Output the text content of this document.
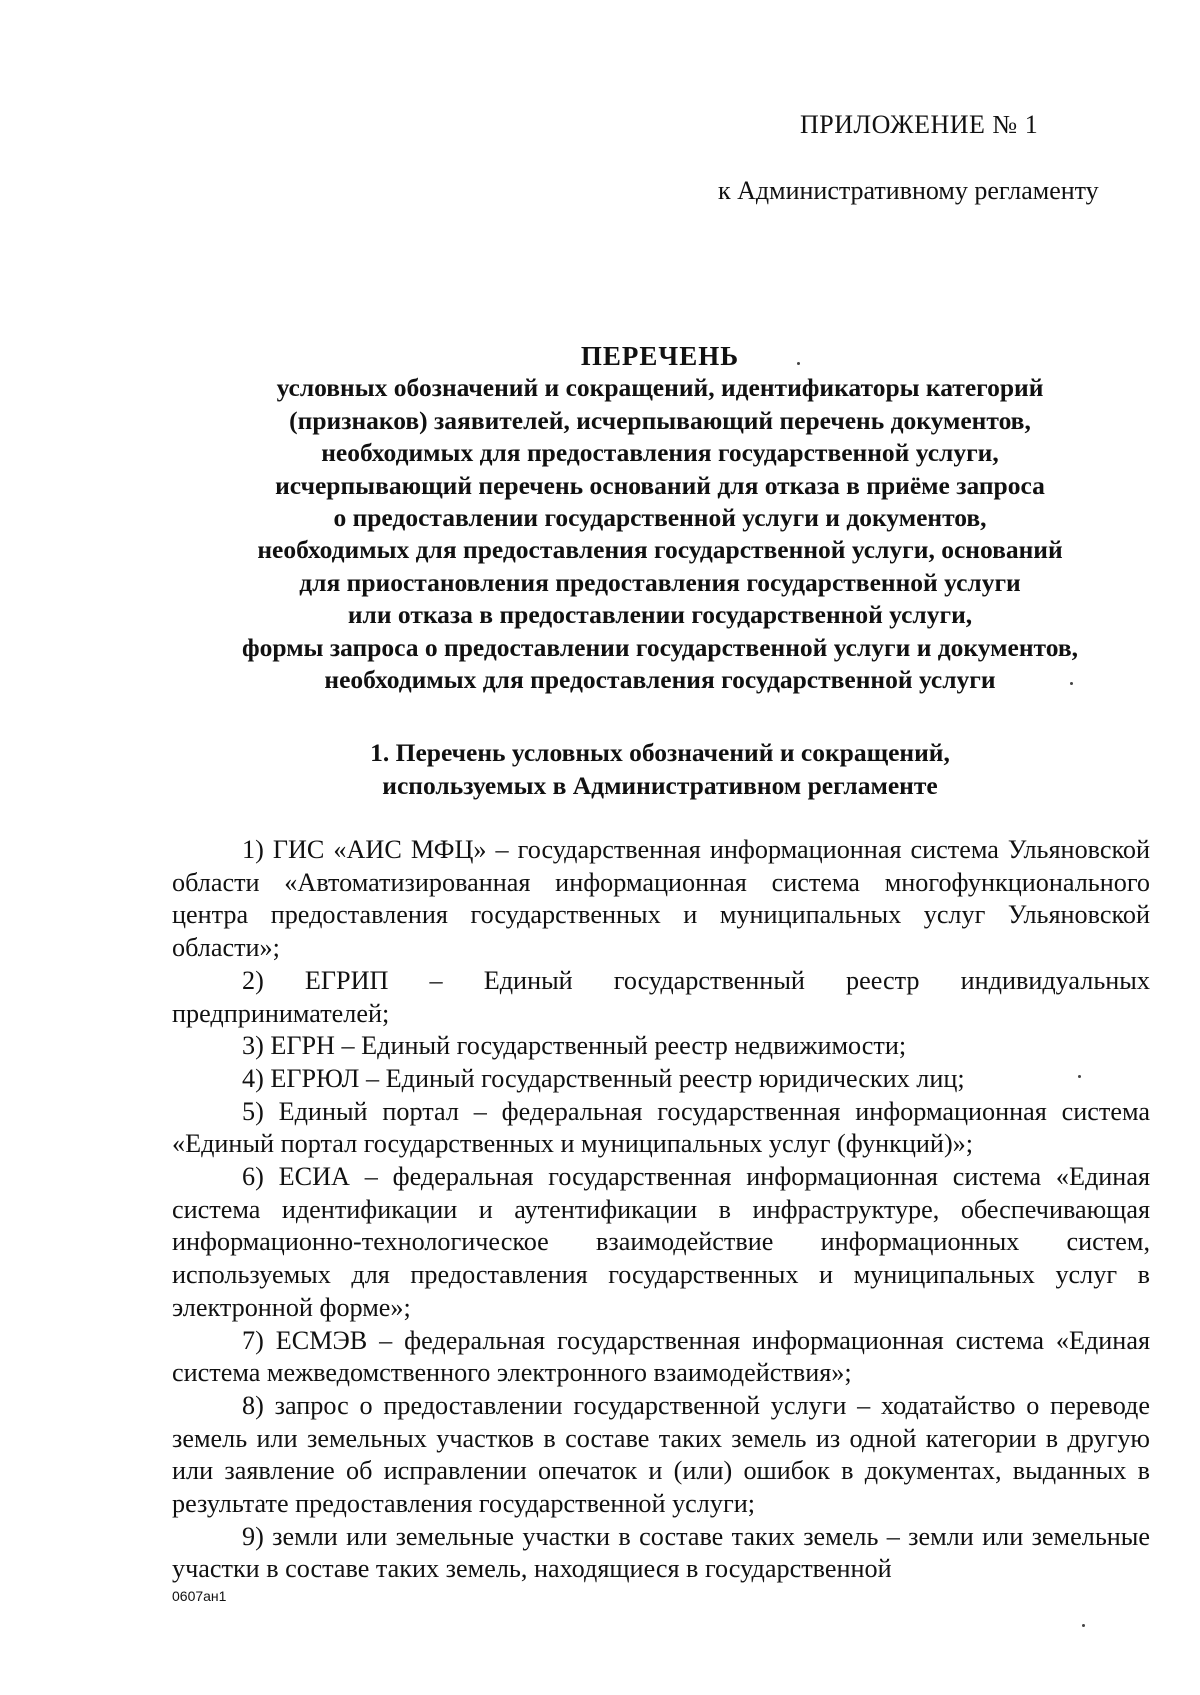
ПРИЛОЖЕНИЕ № 1
к Административному регламенту
ПЕРЕЧЕНЬ
условных обозначений и сокращений, идентификаторы категорий
(признаков) заявителей, исчерпывающий перечень документов,
необходимых для предоставления государственной услуги,
исчерпывающий перечень оснований для отказа в приёме запроса
о предоставлении государственной услуги и документов,
необходимых для предоставления государственной услуги, оснований
для приостановления предоставления государственной услуги
или отказа в предоставлении государственной услуги,
формы запроса о предоставлении государственной услуги и документов,
необходимых для предоставления государственной услуги
1. Перечень условных обозначений и сокращений,
используемых в Административном регламенте

1) ГИС «АИС МФЦ» – государственная информационная система Ульяновской области «Автоматизированная информационная система многофункционального центра предоставления государственных и муниципальных услуг Ульяновской области»;

2) ЕГРИП – Единый государственный реестр индивидуальных предпринимателей;

3) ЕГРН – Единый государственный реестр недвижимости;

4) ЕГРЮЛ – Единый государственный реестр юридических лиц;

5) Единый портал – федеральная государственная информационная система «Единый портал государственных и муниципальных услуг (функций)»;

6) ЕСИА – федеральная государственная информационная система «Единая система идентификации и аутентификации в инфраструктуре, обеспечивающая информационно-технологическое взаимодействие информационных систем, используемых для предоставления государственных и муниципальных услуг в электронной форме»;

7) ЕСМЭВ – федеральная государственная информационная система «Единая система межведомственного электронного взаимодействия»;

8) запрос о предоставлении государственной услуги – ходатайство о переводе земель или земельных участков в составе таких земель из одной категории в другую или заявление об исправлении опечаток и (или) ошибок в документах, выданных в результате предоставления государственной услуги;

9) земли или земельные участки в составе таких земель – земли или земельные участки в составе таких земель, находящиеся в государственной

0607ан1
